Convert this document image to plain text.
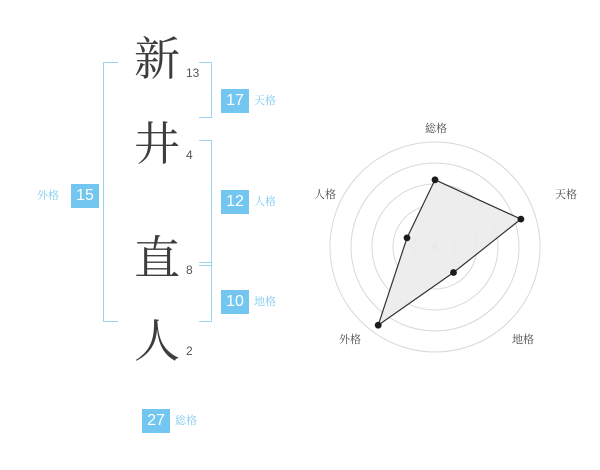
外格	15
新 13
井 4
直 8
人 2
17 天格
12 人格
10 地格
27 総格
総格
天格
地格
外格
人格
